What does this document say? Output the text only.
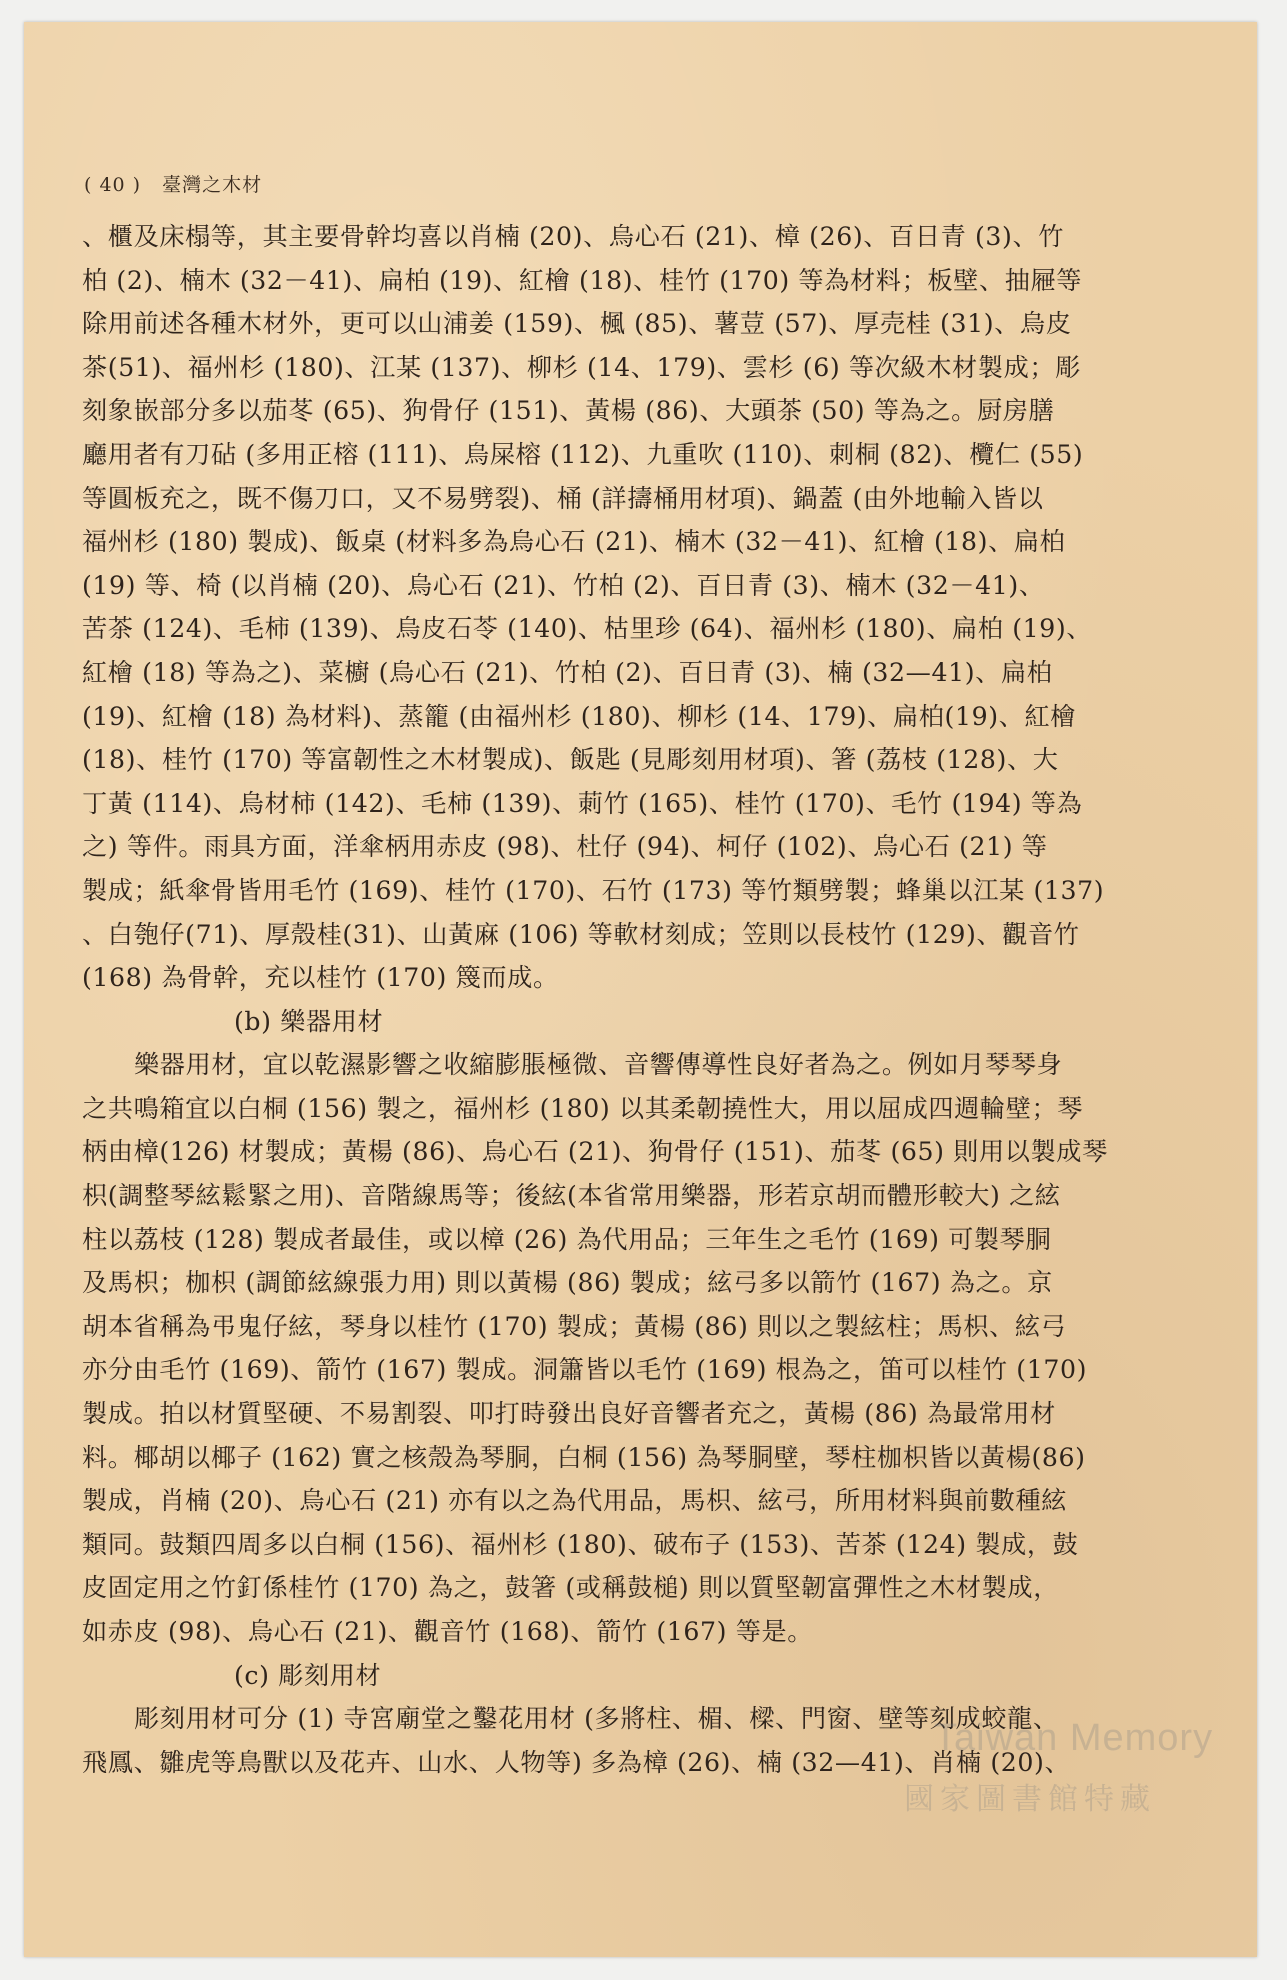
( 40 ) 臺灣之木材
、櫃及床榻等，其主要骨幹均喜以肖楠 (20)、烏心石 (21)、樟 (26)、百日青 (3)、竹
柏 (2)、楠木 (32－41)、扁柏 (19)、紅檜 (18)、桂竹 (170) 等為材料；板壁、抽屜等
除用前述各種木材外，更可以山浦姜 (159)、楓 (85)、薯荳 (57)、厚売桂 (31)、烏皮
茶(51)、福州杉 (180)、江某 (137)、柳杉 (14、179)、雲杉 (6) 等次級木材製成；彫
刻象嵌部分多以茄苳 (65)、狗骨仔 (151)、黃楊 (86)、大頭茶 (50) 等為之。厨房膳
廳用者有刀砧 (多用正榕 (111)、烏屎榕 (112)、九重吹 (110)、刺桐 (82)、欖仁 (55)
等圓板充之，既不傷刀口，又不易劈裂)、桶 (詳擣桶用材項)、鍋蓋 (由外地輸入皆以
福州杉 (180) 製成)、飯桌 (材料多為烏心石 (21)、楠木 (32－41)、紅檜 (18)、扁柏
(19) 等、椅 (以肖楠 (20)、烏心石 (21)、竹柏 (2)、百日青 (3)、楠木 (32－41)、
苦茶 (124)、毛柿 (139)、烏皮石苓 (140)、枯里珍 (64)、福州杉 (180)、扁柏 (19)、
紅檜 (18) 等為之)、菜櫥 (烏心石 (21)、竹柏 (2)、百日青 (3)、楠 (32—41)、扁柏
(19)、紅檜 (18) 為材料)、蒸籠 (由福州杉 (180)、柳杉 (14、179)、扁柏(19)、紅檜
(18)、桂竹 (170) 等富韌性之木材製成)、飯匙 (見彫刻用材項)、箸 (荔枝 (128)、大
丁黃 (114)、烏材柿 (142)、毛柿 (139)、莿竹 (165)、桂竹 (170)、毛竹 (194) 等為
之) 等件。雨具方面，洋傘柄用赤皮 (98)、杜仔 (94)、柯仔 (102)、烏心石 (21) 等
製成；紙傘骨皆用毛竹 (169)、桂竹 (170)、石竹 (173) 等竹類劈製；蜂巢以江某 (137)
、白匏仔(71)、厚殼桂(31)、山黃麻 (106) 等軟材刻成；笠則以長枝竹 (129)、觀音竹
(168) 為骨幹，充以桂竹 (170) 篾而成。
(b) 樂器用材
樂器用材，宜以乾濕影響之收縮膨脹極微、音響傳導性良好者為之。例如月琴琴身
之共鳴箱宜以白桐 (156) 製之，福州杉 (180) 以其柔韌撓性大，用以屈成四週輪壁；琴
柄由樟(126) 材製成；黃楊 (86)、烏心石 (21)、狗骨仔 (151)、茄苳 (65) 則用以製成琴
枳(調整琴絃鬆緊之用)、音階線馬等；後絃(本省常用樂器，形若京胡而體形較大) 之絃
柱以荔枝 (128) 製成者最佳，或以樟 (26) 為代用品；三年生之毛竹 (169) 可製琴胴
及馬枳；枷枳 (調節絃線張力用) 則以黃楊 (86) 製成；絃弓多以箭竹 (167) 為之。京
胡本省稱為弔鬼仔絃，琴身以桂竹 (170) 製成；黃楊 (86) 則以之製絃柱；馬枳、絃弓
亦分由毛竹 (169)、箭竹 (167) 製成。洞簫皆以毛竹 (169) 根為之，笛可以桂竹 (170)
製成。拍以材質堅硬、不易割裂、叩打時發出良好音響者充之，黃楊 (86) 為最常用材
料。椰胡以椰子 (162) 實之核殼為琴胴，白桐 (156) 為琴胴壁，琴柱枷枳皆以黃楊(86)
製成，肖楠 (20)、烏心石 (21) 亦有以之為代用品，馬枳、絃弓，所用材料與前數種絃
類同。鼓類四周多以白桐 (156)、福州杉 (180)、破布子 (153)、苦茶 (124) 製成，鼓
皮固定用之竹釘係桂竹 (170) 為之，鼓箸 (或稱鼓槌) 則以質堅韌富彈性之木材製成，
如赤皮 (98)、烏心石 (21)、觀音竹 (168)、箭竹 (167) 等是。
(c) 彫刻用材
彫刻用材可分 (1) 寺宮廟堂之鑿花用材 (多將柱、楣、樑、門窗、壁等刻成蛟龍、
飛鳳、雛虎等鳥獸以及花卉、山水、人物等) 多為樟 (26)、楠 (32—41)、肖楠 (20)、
Taiwan Memory
國家圖書館特藏
